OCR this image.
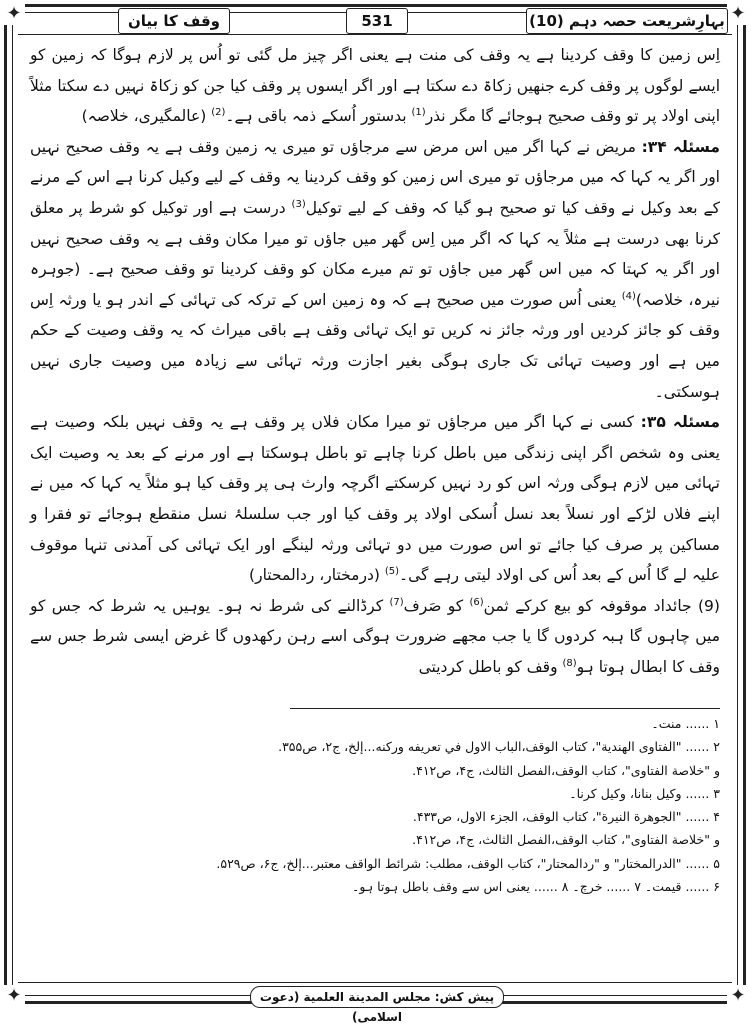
✦	✦
✦	✦
وقف کا بیان	531	بہارِشریعت حصہ دہم (10)

اِس زمین کا وقف کردینا ہے یہ وقف کی منت ہے یعنی اگر چیز مل گئی تو اُس پر لازم ہوگا کہ زمین کو ایسے لوگوں پر وقف کرے جنھیں زکاۃ دے سکتا ہے اور اگر ایسوں پر وقف کیا جن کو زکاۃ نہیں دے سکتا مثلاً اپنی اولاد پر تو وقف صحیح ہوجائے گا مگر نذر$^{(1)}$ بدستور اُسکے ذمہ باقی ہے۔$^{(2)}$ (عالمگیری، خلاصہ)

مسئلہ ۳۴: مریض نے کہا اگر میں اس مرض سے مرجاؤں تو میری یہ زمین وقف ہے یہ وقف صحیح نہیں اور اگر یہ کہا کہ میں مرجاؤں تو میری اس زمین کو وقف کردینا یہ وقف کے لیے وکیل کرنا ہے اس کے مرنے کے بعد وکیل نے وقف کیا تو صحیح ہو گیا کہ وقف کے لیے توکیل$^{(3)}$ درست ہے اور توکیل کو شرط پر معلق کرنا بھی درست ہے مثلاً یہ کہا کہ اگر میں اِس گھر میں جاؤں تو میرا مکان وقف ہے یہ وقف صحیح نہیں اور اگر یہ کہتا کہ میں اس گھر میں جاؤں تو تم میرے مکان کو وقف کردینا تو وقف صحیح ہے۔ (جوہرہ نیرہ، خلاصہ)$^{(4)}$ یعنی اُس صورت میں صحیح ہے کہ وہ زمین اس کے ترکہ کی تہائی کے اندر ہو یا ورثہ اِس وقف کو جائز کردیں اور ورثہ جائز نہ کریں تو ایک تہائی وقف ہے باقی میراث کہ یہ وقف وصیت کے حکم میں ہے اور وصیت تہائی تک جاری ہوگی بغیر اجازت ورثہ تہائی سے زیادہ میں وصیت جاری نہیں ہوسکتی۔

مسئلہ ۳۵: کسی نے کہا اگر میں مرجاؤں تو میرا مکان فلاں پر وقف ہے یہ وقف نہیں بلکہ وصیت ہے یعنی وہ شخص اگر اپنی زندگی میں باطل کرنا چاہے تو باطل ہوسکتا ہے اور مرنے کے بعد یہ وصیت ایک تہائی میں لازم ہوگی ورثہ اس کو رد نہیں کرسکتے اگرچہ وارث ہی پر وقف کیا ہو مثلاً یہ کہا کہ میں نے اپنے فلاں لڑکے اور نسلاً بعد نسل اُسکی اولاد پر وقف کیا اور جب سلسلۂ نسل منقطع ہوجائے تو فقرا و مساکین پر صرف کیا جائے تو اس صورت میں دو تہائی ورثہ لینگے اور ایک تہائی کی آمدنی تنہا موقوف علیہ لے گا اُس کے بعد اُس کی اولاد لیتی رہے گی۔$^{(5)}$ (درمختار، ردالمحتار)

(9) جائداد موقوفہ کو بیع کرکے ثمن$^{(6)}$ کو صَرف$^{(7)}$ کرڈالنے کی شرط نہ ہو۔ یوہیں یہ شرط کہ جس کو میں چاہوں گا ہبہ کردوں گا یا جب مجھے ضرورت ہوگی اسے رہن رکھدوں گا غرض ایسی شرط جس سے وقف کا ابطال ہوتا ہو$^{(8)}$ وقف کو باطل کردیتی

۱ ...... منت۔
۲ ...... "الفتاوى الهندية"، كتاب الوقف،الباب الاول في تعريفه وركنه...إلخ، ج۲، ص۳۵۵.
و "خلاصة الفتاوى"، كتاب الوقف،الفصل الثالث، ج۴، ص۴۱۲.
۳ ...... وکیل بنانا، وکیل کرنا۔
۴ ...... "الجوهرة النيرة"، كتاب الوقف، الجزء الاول، ص۴۳۳.
و "خلاصة الفتاوى"، كتاب الوقف،الفصل الثالث، ج۴، ص۴۱۲.
۵ ...... "الدرالمختار" و "ردالمحتار"، كتاب الوقف، مطلب: شرائط الواقف معتبر...إلخ، ج۶، ص۵۲۹.
۶ ...... قیمت۔ ۷ ...... خرچ۔ ۸ ...... یعنی اس سے وقف باطل ہوتا ہو۔
پیش کش: مجلس المدينة العلمية (دعوت اسلامی)
